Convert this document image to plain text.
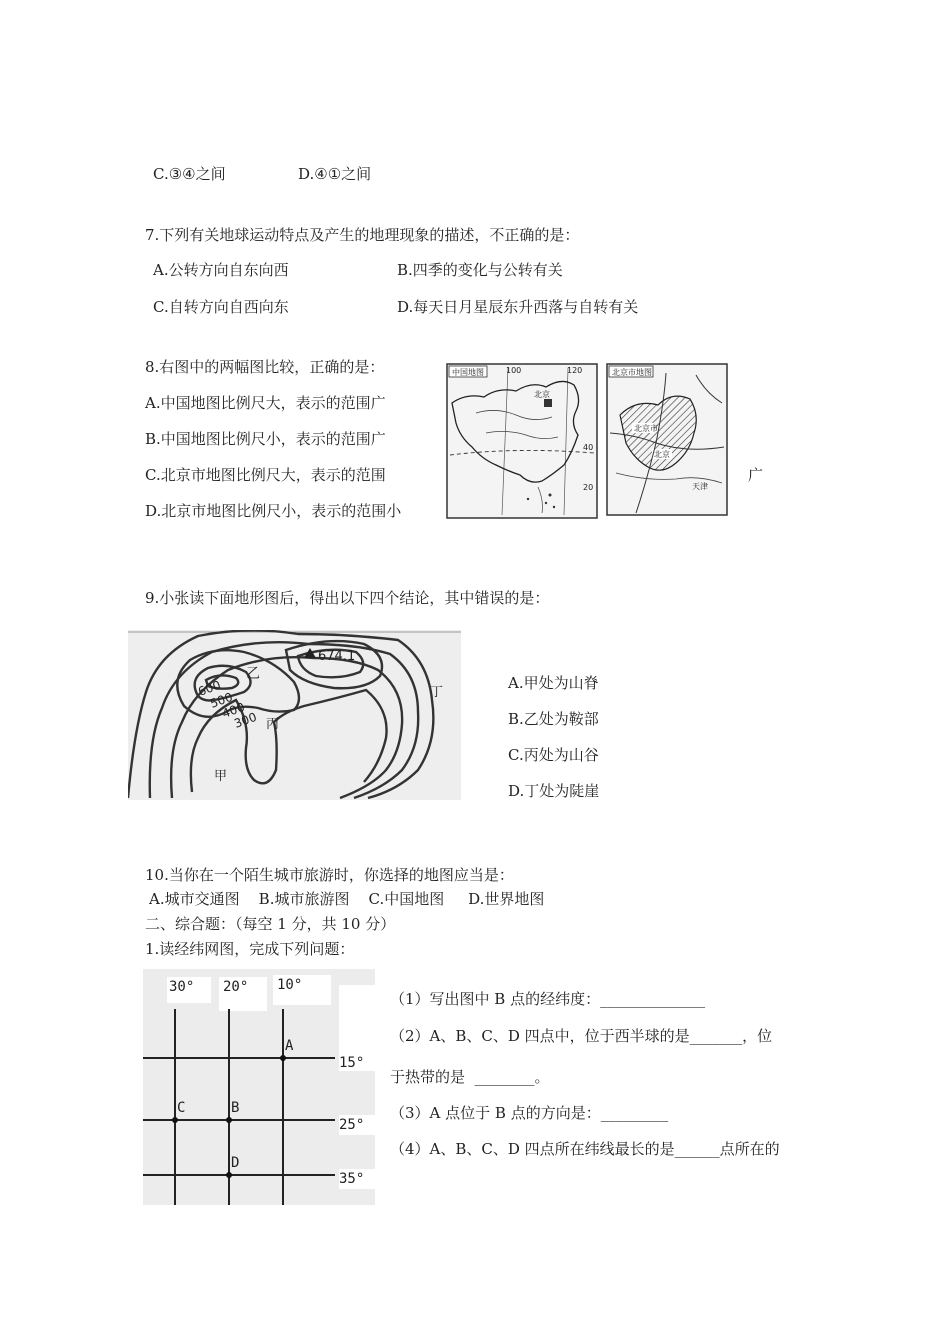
C.③④之间	D.④①之间
7.下列有关地球运动特点及产生的地理现象的描述，不正确的是：
A.公转方向自东向西	B.四季的变化与公转有关
C.自转方向自西向东	D.每天日月星辰东升西落与自转有关
8.右图中的两幅图比较，正确的是：
A.中国地图比例尺大，表示的范围广
B.中国地图比例尺小，表示的范围广
C.北京市地图比例尺大，表示的范围	广
D.北京市地图比例尺小，表示的范围小
中国地图	100	120
40
20
北京
北京市地图
北京市
北京
天津
9.小张读下面地形图后，得出以下四个结论，其中错误的是：
674.1
乙
600
500
400
300 丙
甲
丁
A.甲处为山脊
B.乙处为鞍部
C.丙处为山谷
D.丁处为陡崖
10.当你在一个陌生城市旅游时，你选择的地图应当是：
A.城市交通图    B.城市旅游图    C.中国地图     D.世界地图
二、综合题：（每空 1 分，共 10 分）
1.读经纬网图，完成下列问题：
30° 20° 10°
15°
25°
35°
A
C	B
D
（1）写出图中 B 点的经纬度：______________
（2）A、B、C、D 四点中，位于西半球的是_______，位
于热带的是  ________。
（3）A 点位于 B 点的方向是：_________
（4）A、B、C、D 四点所在纬线最长的是______点所在的
